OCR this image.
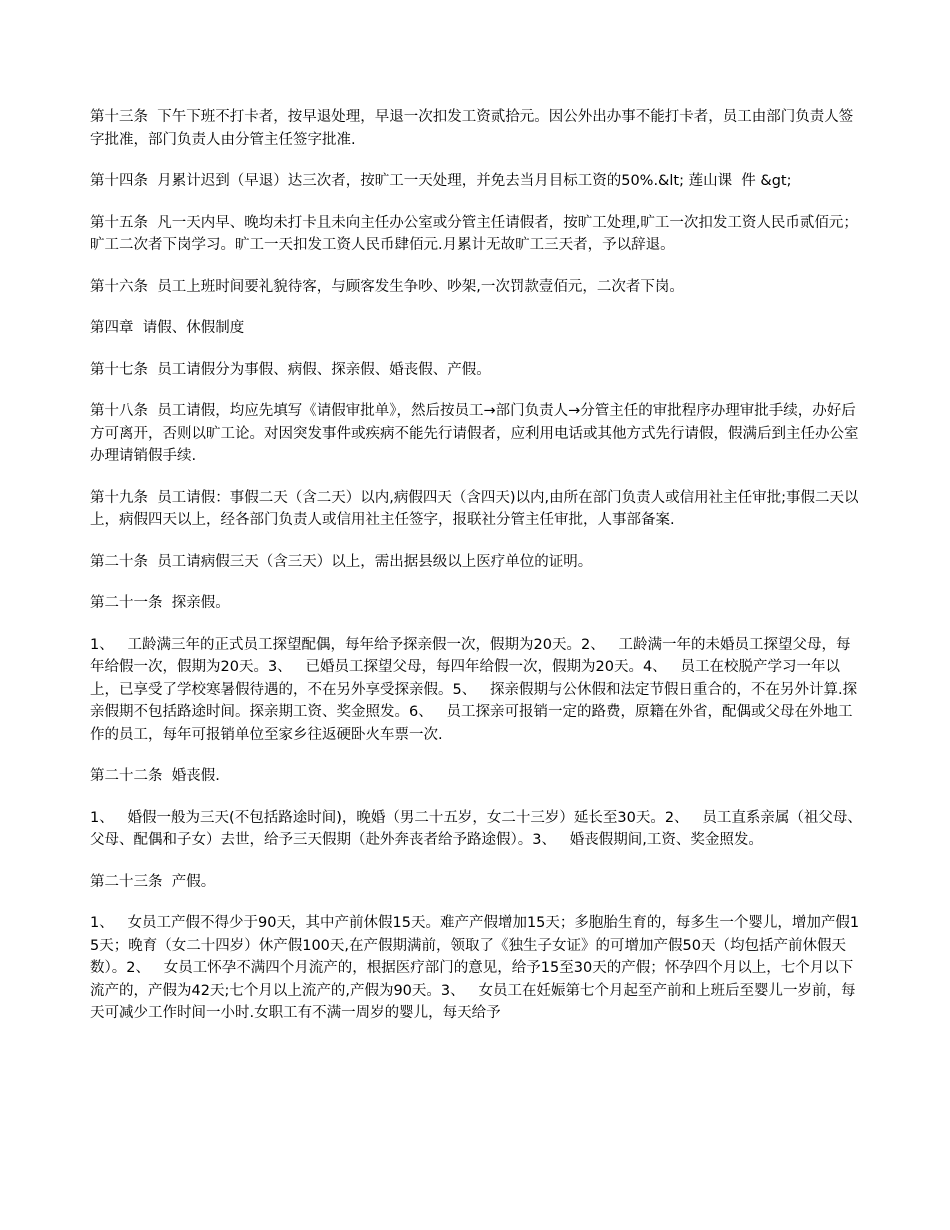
第十三条  下午下班不打卡者，按早退处理，早退一次扣发工资贰拾元。因公外出办事不能打卡者，员工由部门负责人签字批准，部门负责人由分管主任签字批准.

第十四条  月累计迟到（早退）达三次者，按旷工一天处理，并免去当月目标工资的50%.&lt; 莲山课  件 &gt;

第十五条  凡一天内早、晚均未打卡且未向主任办公室或分管主任请假者，按旷工处理,旷工一次扣发工资人民币贰佰元；旷工二次者下岗学习。旷工一天扣发工资人民币肆佰元.月累计无故旷工三天者，予以辞退。

第十六条  员工上班时间要礼貌待客，与顾客发生争吵、吵架,一次罚款壹佰元，二次者下岗。

第四章  请假、休假制度

第十七条  员工请假分为事假、病假、探亲假、婚丧假、产假。

第十八条  员工请假，均应先填写《请假审批单》，然后按员工→部门负责人→分管主任的审批程序办理审批手续，办好后方可离开，否则以旷工论。对因突发事件或疾病不能先行请假者，应利用电话或其他方式先行请假，假满后到主任办公室办理请销假手续.

第十九条  员工请假：事假二天（含二天）以内,病假四天（含四天)以内,由所在部门负责人或信用社主任审批;事假二天以上，病假四天以上，经各部门负责人或信用社主任签字，报联社分管主任审批，人事部备案.

第二十条  员工请病假三天（含三天）以上，需出据县级以上医疗单位的证明。

第二十一条  探亲假。

1、   工龄满三年的正式员工探望配偶，每年给予探亲假一次，假期为20天。2、   工龄满一年的未婚员工探望父母，每年给假一次，假期为20天。3、   已婚员工探望父母，每四年给假一次，假期为20天。4、   员工在校脱产学习一年以上，已享受了学校寒暑假待遇的，不在另外享受探亲假。5、   探亲假期与公休假和法定节假日重合的，不在另外计算.探亲假期不包括路途时间。探亲期工资、奖金照发。6、   员工探亲可报销一定的路费，原籍在外省，配偶或父母在外地工作的员工，每年可报销单位至家乡往返硬卧火车票一次.

第二十二条  婚丧假.

1、   婚假一般为三天(不包括路途时间)，晚婚（男二十五岁，女二十三岁）延长至30天。2、   员工直系亲属（祖父母、父母、配偶和子女）去世，给予三天假期（赴外奔丧者给予路途假）。3、   婚丧假期间,工资、奖金照发。

第二十三条  产假。

1、   女员工产假不得少于90天，其中产前休假15天。难产产假增加15天；多胞胎生育的，每多生一个婴儿，增加产假15天；晚育（女二十四岁）休产假100天,在产假期满前，领取了《独生子女证》的可增加产假50天（均包括产前休假天数）。2、   女员工怀孕不满四个月流产的，根据医疗部门的意见，给予15至30天的产假；怀孕四个月以上，七个月以下流产的，产假为42天;七个月以上流产的,产假为90天。3、   女员工在妊娠第七个月起至产前和上班后至婴儿一岁前，每天可减少工作时间一小时.女职工有不满一周岁的婴儿，每天给予
